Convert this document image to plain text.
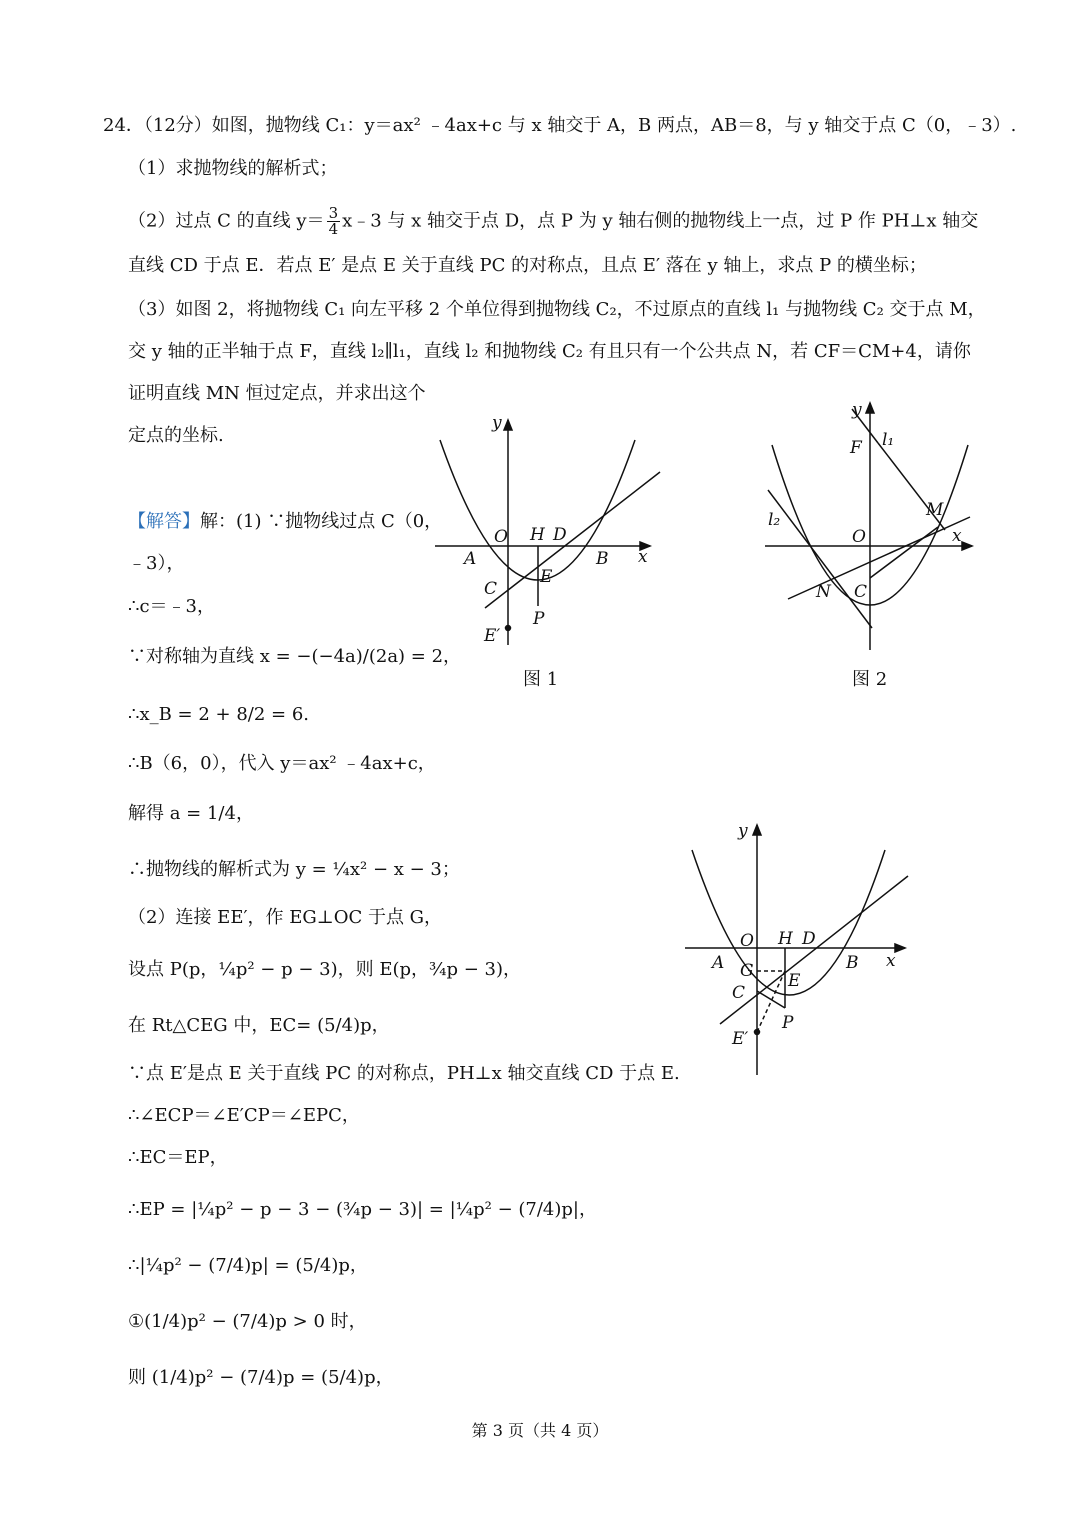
24．（12分）如图，抛物线 C₁：y＝ax² ﹣4ax+c 与 x 轴交于 A，B 两点，AB＝8，与 y 轴交于点 C（0，﹣3）.
（1）求抛物线的解析式；
（2）过点 C 的直线 $y= \frac{3}{4}$ x﹣3 与 x 轴交于点 D，点 P 为 y 轴右侧的抛物线上一点，过 P 作 PH⊥x 轴交
直线 CD 于点 E．若点 E′ 是点 E 关于直线 PC 的对称点，且点 E′ 落在 y 轴上，求点 P 的横坐标；
（3）如图 2，将抛物线 C₁ 向左平移 2 个单位得到抛物线 C₂，不过原点的直线 l₁ 与抛物线 C₂ 交于点 M，
交 y 轴的正半轴于点 F，直线 l₂∥l₁，直线 l₂ 和抛物线 C₂ 有且只有一个公共点 N，若 CF＝CM+4，请你
证明直线 MN 恒过定点，并求出这个
定点的坐标.
【解答】解：(1) ∵抛物线过点 C（0，
﹣3），
∴c＝﹣3，
∵对称轴为直线 x = −(−4a)/(2a) = 2，
∴x_B = 2 + 8/2 = 6.
∴B（6，0），代入 y＝ax² ﹣4ax+c，
解得 a = 1/4，
∴抛物线的解析式为 y = ¼x² − x − 3；
（2）连接 EE′，作 EG⊥OC 于点 G，
设点 P(p，¼p² − p − 3)，则 E(p，¾p − 3)，
在 Rt△CEG 中，EC= (5/4)p，
∵点 E′是点 E 关于直线 PC 的对称点，PH⊥x 轴交直线 CD 于点 E.
∴∠ECP＝∠E′CP＝∠EPC，
∴EC＝EP，
∴EP = |¼p² − p − 3 − (¾p − 3)| = |¼p² − (7/4)p|，
∴|¼p² − (7/4)p| = (5/4)p，
①(1/4)p² − (7/4)p > 0 时，
则 (1/4)p² − (7/4)p = (5/4)p，
y
x
O H D
A	B
C
E
P
E′
图 1
y
x
F l₁
l₂	M
O
N C
图 2
y
x
O H D
A	B
G
C
E
P
E′
第 3 页（共 4 页）
